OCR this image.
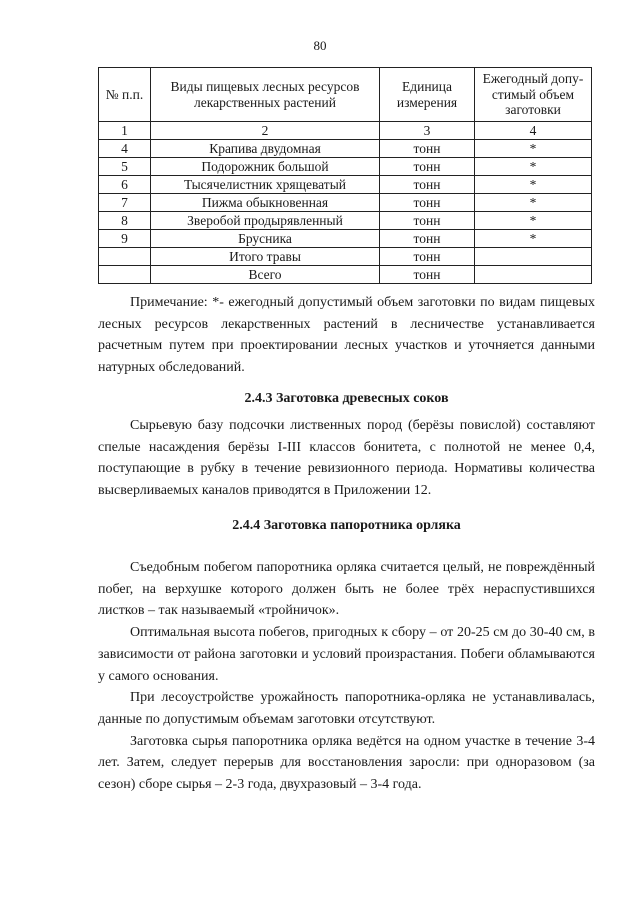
80
№ п.п.	Виды пищевых лесных ресурсов лекарственных растений	Единица измерения	Ежегодный допу-стимый объем заготовки
1	2	3	4
4	Крапива двудомная	тонн	*
5	Подорожник большой	тонн	*
6	Тысячелистник хрящеватый	тонн	*
7	Пижма обыкновенная	тонн	*
8	Зверобой продырявленный	тонн	*
9	Брусника	тонн	*
	Итого травы	тонн	
	Всего	тонн	

Примечание: *- ежегодный допустимый объем заготовки по видам пищевых лесных ресурсов лекарственных растений в лесничестве устанавливается расчетным путем при проектировании лесных участков и уточняется данными натурных обследований.

2.4.3 Заготовка древесных соков

Сырьевую базу подсочки лиственных пород (берёзы повислой) составляют спелые насаждения берёзы I-III классов бонитета, с полнотой не менее 0,4, поступающие в рубку в течение ревизионного периода. Нормативы количества высверливаемых каналов приводятся в Приложении 12.

2.4.4 Заготовка папоротника орляка

Съедобным побегом папоротника орляка считается целый, не повреждённый побег, на верхушке которого должен быть не более трёх нераспустившихся листков – так называемый «тройничок».

Оптимальная высота побегов, пригодных к сбору – от 20-25 см до 30-40 см, в зависимости от района заготовки и условий произрастания. Побеги обламываются у самого основания.

При лесоустройстве урожайность папоротника-орляка не устанавливалась, данные по допустимым объемам заготовки отсутствуют.

Заготовка сырья папоротника орляка ведётся на одном участке в течение 3-4 лет. Затем, следует перерыв для восстановления заросли: при одноразовом (за сезон) сборе сырья – 2-3 года, двухразовый – 3-4 года.
